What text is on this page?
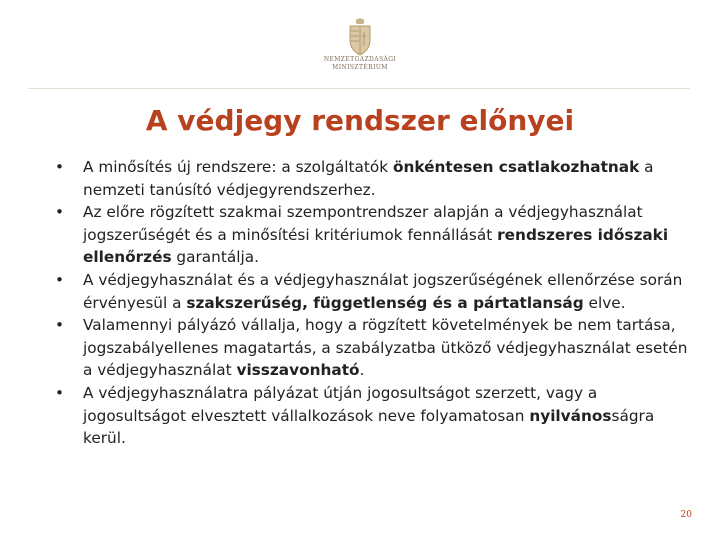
NEMZETGAZDASÁGI
MINISZTÉRIUM
A védjegy rendszer előnyei
• A minősítés új rendszere: a szolgáltatók önkéntesen csatlakozhatnak a nemzeti tanúsító védjegyrendszerhez.
• Az előre rögzített szakmai szempontrendszer alapján a védjegyhasználat jogszerűségét és a minősítési kritériumok fennállását rendszeres időszaki ellenőrzés garantálja.
• A védjegyhasználat és a védjegyhasználat jogszerűségének ellenőrzése során érvényesül a szakszerűség, függetlenség és a pártatlanság elve.
• Valamennyi pályázó vállalja, hogy a rögzített követelmények be nem tartása, jogszabályellenes magatartás, a szabályzatba ütköző védjegyhasználat esetén a védjegyhasználat visszavonható.
• A védjegyhasználatra pályázat útján jogosultságot szerzett, vagy a jogosultságot elvesztett vállalkozások neve folyamatosan nyilvánosságra kerül.
20
